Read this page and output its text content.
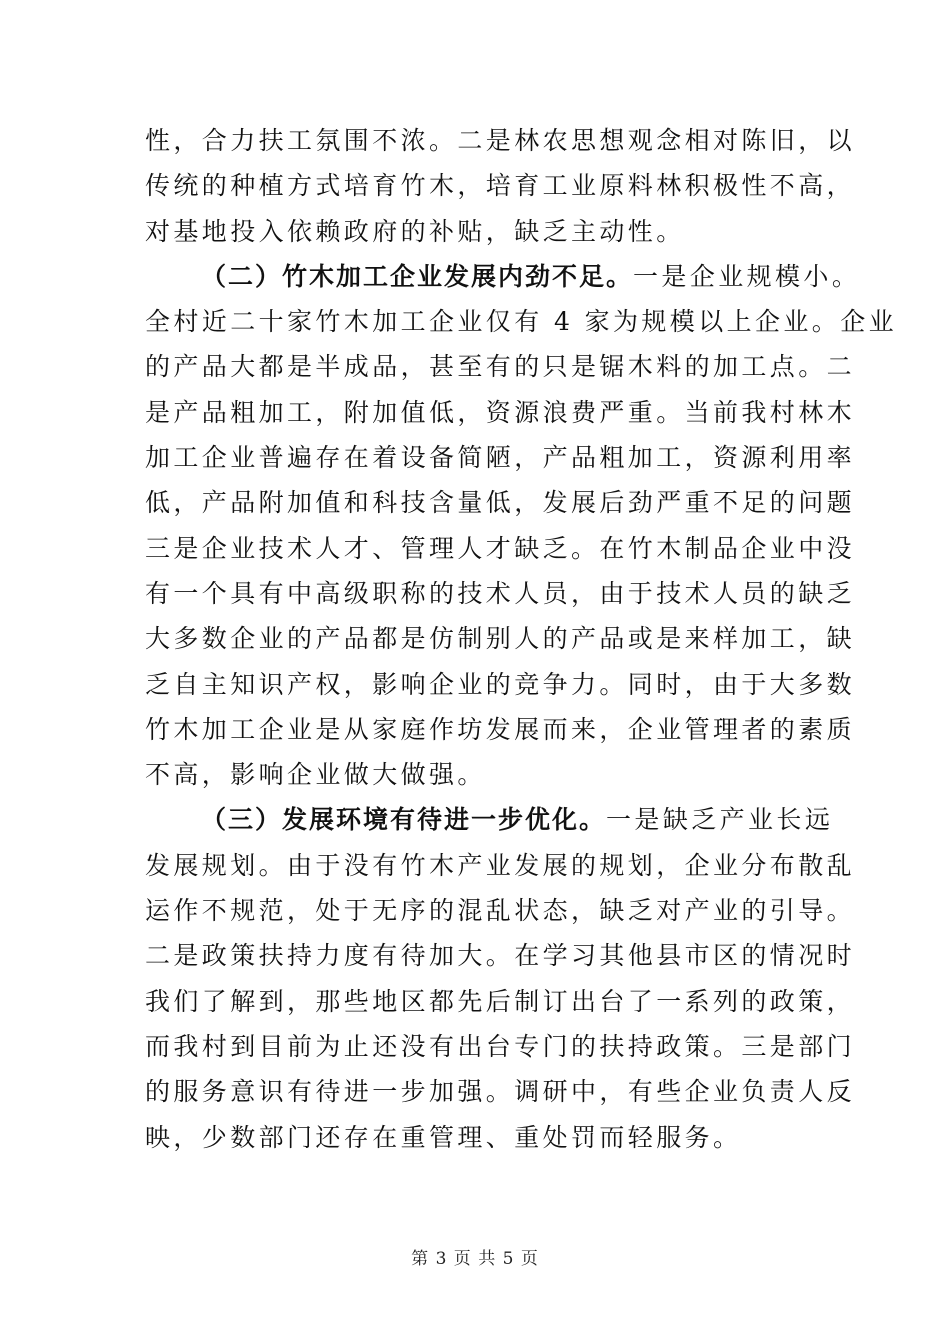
性，合力扶工氛围不浓。二是林农思想观念相对陈旧，以
传统的种植方式培育竹木，培育工业原料林积极性不高，
对基地投入依赖政府的补贴，缺乏主动性。
（二）竹木加工企业发展内劲不足。一是企业规模小。
全村近二十家竹木加工企业仅有 4 家为规模以上企业。企业
的产品大都是半成品，甚至有的只是锯木料的加工点。二
是产品粗加工，附加值低，资源浪费严重。当前我村林木
加工企业普遍存在着设备简陋，产品粗加工，资源利用率
低，产品附加值和科技含量低，发展后劲严重不足的问题
三是企业技术人才、管理人才缺乏。在竹木制品企业中没
有一个具有中高级职称的技术人员，由于技术人员的缺乏
大多数企业的产品都是仿制别人的产品或是来样加工，缺
乏自主知识产权，影响企业的竞争力。同时，由于大多数
竹木加工企业是从家庭作坊发展而来，企业管理者的素质
不高，影响企业做大做强。
（三）发展环境有待进一步优化。一是缺乏产业长远
发展规划。由于没有竹木产业发展的规划，企业分布散乱
运作不规范，处于无序的混乱状态，缺乏对产业的引导。
二是政策扶持力度有待加大。在学习其他县市区的情况时
我们了解到，那些地区都先后制订出台了一系列的政策，
而我村到目前为止还没有出台专门的扶持政策。三是部门
的服务意识有待进一步加强。调研中，有些企业负责人反
映，少数部门还存在重管理、重处罚而轻服务。
第 3 页 共 5 页
